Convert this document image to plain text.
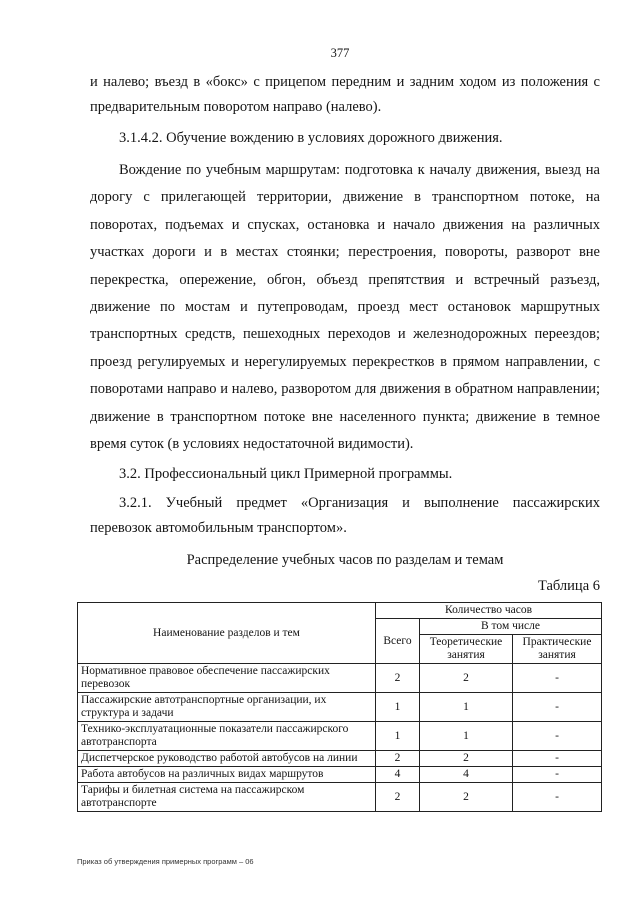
377

и налево; въезд в «бокс» с прицепом передним и задним ходом из положения с предварительным поворотом направо (налево).

3.1.4.2. Обучение вождению в условиях дорожного движения.

Вождение по учебным маршрутам: подготовка к началу движения, выезд на дорогу с прилегающей территории, движение в транспортном потоке, на поворотах, подъемах и спусках, остановка и начало движения на различных участках дороги и в местах стоянки; перестроения, повороты, разворот вне перекрестка, опережение, обгон, объезд препятствия и встречный разъезд, движение по мостам и путепроводам, проезд мест остановок маршрутных транспортных средств, пешеходных переходов и железнодорожных переездов; проезд регулируемых и нерегулируемых перекрестков в прямом направлении, с поворотами направо и налево, разворотом для движения в обратном направлении; движение в транспортном потоке вне населенного пункта; движение в темное время суток (в условиях недостаточной видимости).

3.2. Профессиональный цикл Примерной программы.

3.2.1. Учебный предмет «Организация и выполнение пассажирских перевозок автомобильным транспортом».

Распределение учебных часов по разделам и темам
Таблица 6
Наименование разделов и тем	Количество часов		
	Всего	В том числе	
		Теоретические занятия	Практические занятия
Нормативное правовое обеспечение пассажирских перевозок	2	2	-
Пассажирские автотранспортные организации, их структура и задачи	1	1	-
Технико-эксплуатационные показатели пассажирского автотранспорта	1	1	-
Диспетчерское руководство работой автобусов на линии	2	2	-
Работа автобусов на различных видах маршрутов	4	4	-
Тарифы и билетная система на пассажирском автотранспорте	2	2	-
Приказ об утверждения примерных программ – 06
